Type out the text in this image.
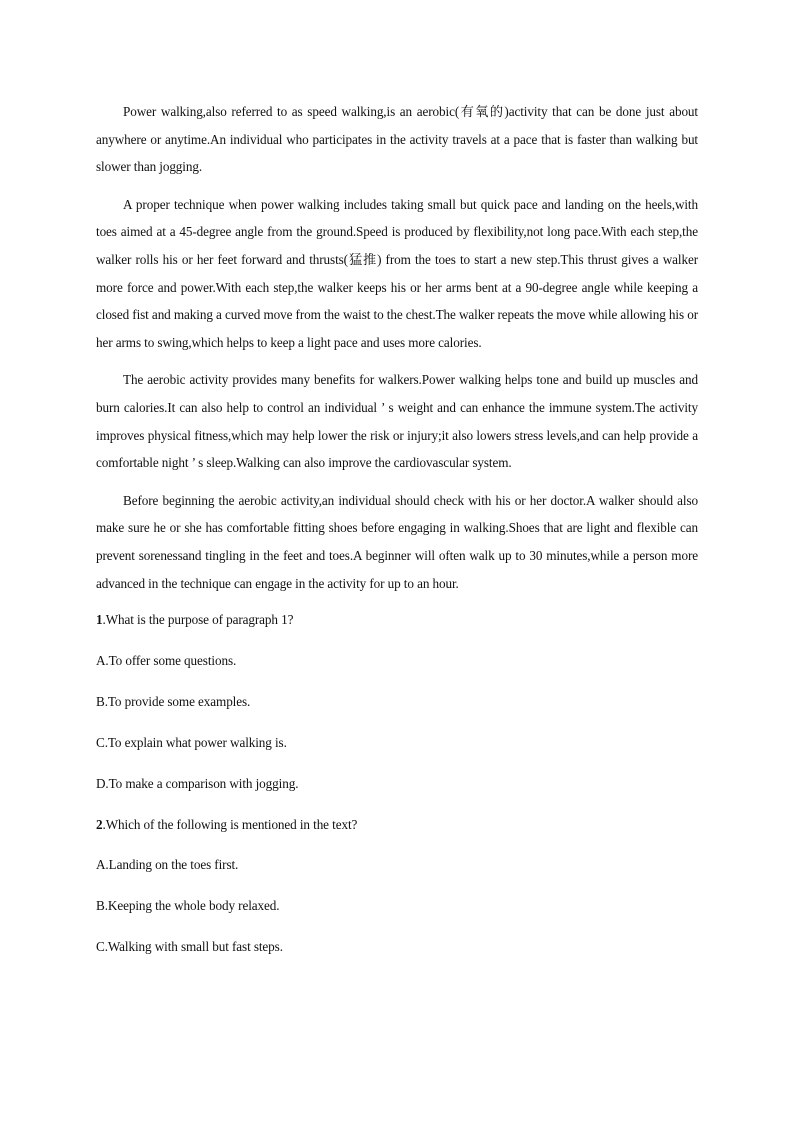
Power walking,also referred to as speed walking,is an aerobic(有氧的)activity that can be done just about anywhere or anytime.An individual who participates in the activity travels at a pace that is faster than walking but slower than jogging.

A proper technique when power walking includes taking small but quick pace and landing on the heels,with toes aimed at a 45-degree angle from the ground.Speed is produced by flexibility,not long pace.With each step,the walker rolls his or her feet forward and thrusts(猛推) from the toes to start a new step.This thrust gives a walker more force and power.With each step,the walker keeps his or her arms bent at a 90-degree angle while keeping a closed fist and making a curved move from the waist to the chest.The walker repeats the move while allowing his or her arms to swing,which helps to keep a light pace and uses more calories.

The aerobic activity provides many benefits for walkers.Power walking helps tone and build up muscles and burn calories.It can also help to control an individual ’ s weight and can enhance the immune system.The activity improves physical fitness,which may help lower the risk or injury;it also lowers stress levels,and can help provide a comfortable night ’ s sleep.Walking can also improve the cardiovascular system.

Before beginning the aerobic activity,an individual should check with his or her doctor.A walker should also make sure he or she has comfortable fitting shoes before engaging in walking.Shoes that are light and flexible can prevent sorenessand tingling in the feet and toes.A beginner will often walk up to 30 minutes,while a person more advanced in the technique can engage in the activity for up to an hour.

1.What is the purpose of paragraph 1?

A.To offer some questions.

B.To provide some examples.

C.To explain what power walking is.

D.To make a comparison with jogging.

2.Which of the following is mentioned in the text?

A.Landing on the toes first.

B.Keeping the whole body relaxed.

C.Walking with small but fast steps.
